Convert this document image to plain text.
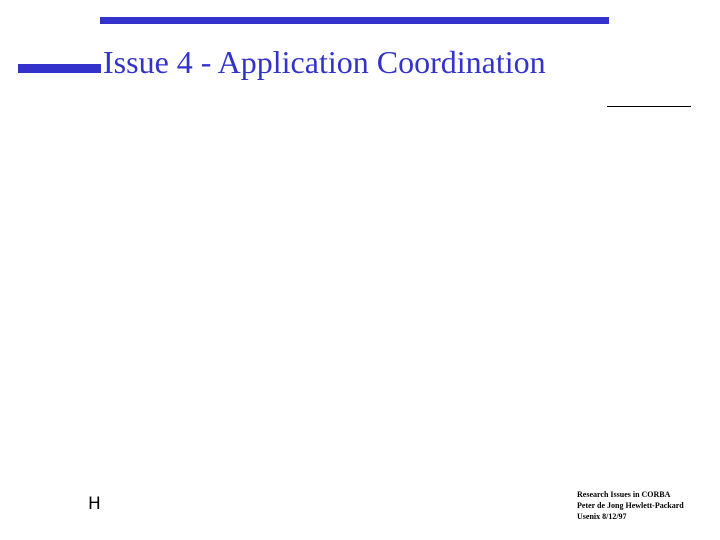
Issue 4 - Application Coordination
H	Research Issues in CORBA
Peter de Jong Hewlett-Packard
Usenix 8/12/97
